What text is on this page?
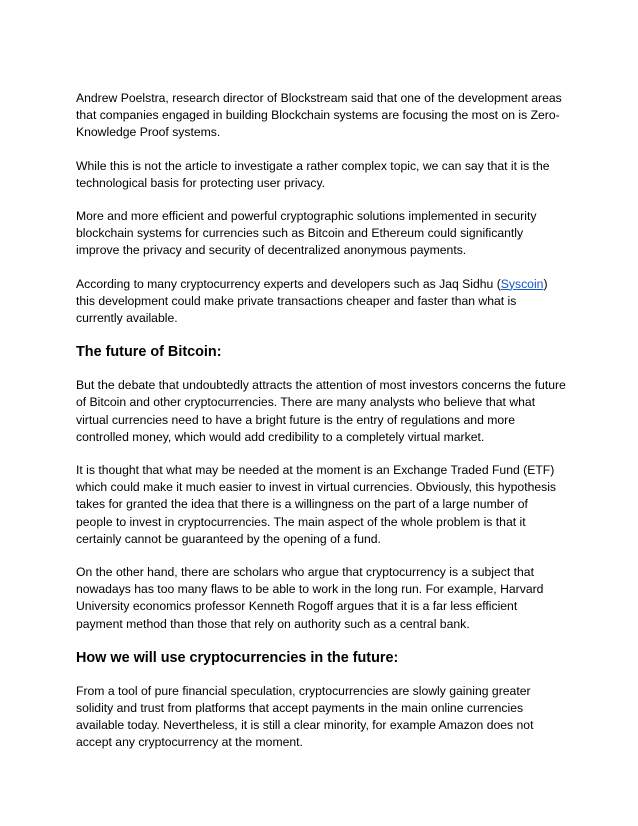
Andrew Poelstra, research director of Blockstream said that one of the development areas that companies engaged in building Blockchain systems are focusing the most on is Zero-Knowledge Proof systems.

While this is not the article to investigate a rather complex topic, we can say that it is the technological basis for protecting user privacy.

More and more efficient and powerful cryptographic solutions implemented in security blockchain systems for currencies such as Bitcoin and Ethereum could significantly improve the privacy and security of decentralized anonymous payments.

According to many cryptocurrency experts and developers such as Jaq Sidhu (Syscoin) this development could make private transactions cheaper and faster than what is currently available.

The future of Bitcoin:

But the debate that undoubtedly attracts the attention of most investors concerns the future of Bitcoin and other cryptocurrencies. There are many analysts who believe that what virtual currencies need to have a bright future is the entry of regulations and more controlled money, which would add credibility to a completely virtual market.

It is thought that what may be needed at the moment is an Exchange Traded Fund (ETF) which could make it much easier to invest in virtual currencies. Obviously, this hypothesis takes for granted the idea that there is a willingness on the part of a large number of people to invest in cryptocurrencies. The main aspect of the whole problem is that it certainly cannot be guaranteed by the opening of a fund.

On the other hand, there are scholars who argue that cryptocurrency is a subject that nowadays has too many flaws to be able to work in the long run. For example, Harvard University economics professor Kenneth Rogoff argues that it is a far less efficient payment method than those that rely on authority such as a central bank.

How we will use cryptocurrencies in the future:

From a tool of pure financial speculation, cryptocurrencies are slowly gaining greater solidity and trust from platforms that accept payments in the main online currencies available today. Nevertheless, it is still a clear minority, for example Amazon does not accept any cryptocurrency at the moment.
